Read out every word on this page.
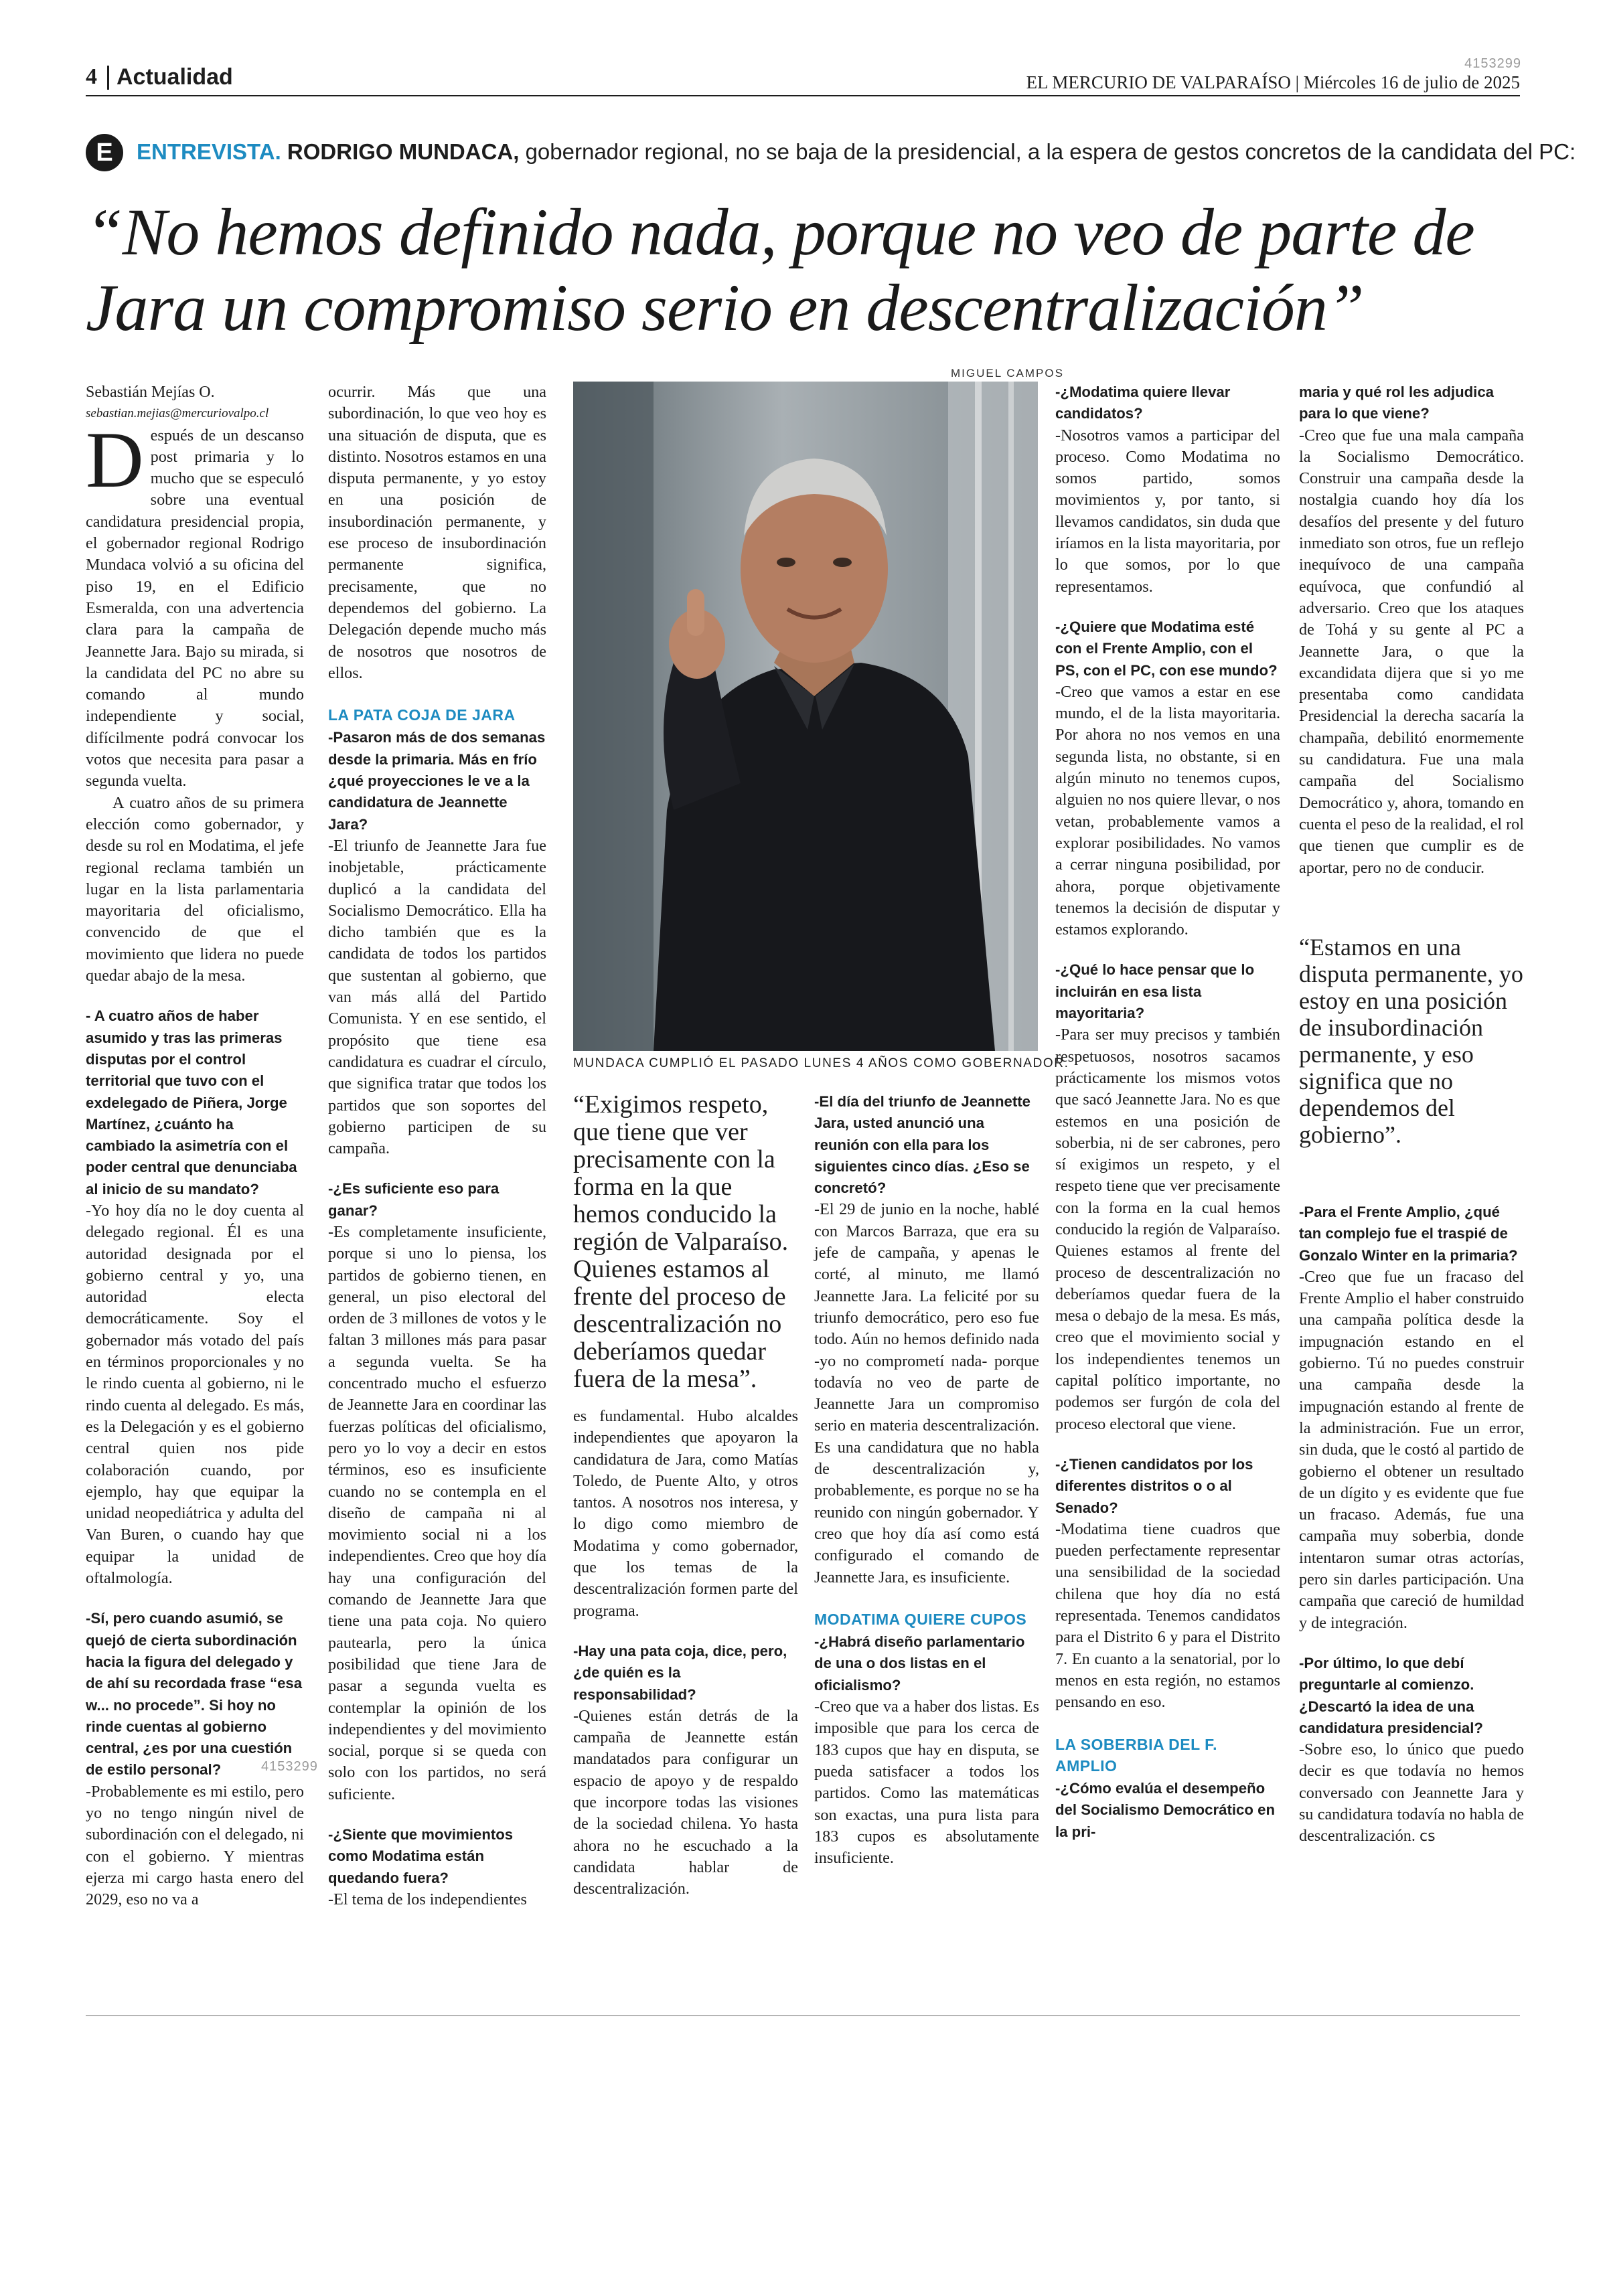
4 Actualidad
4153299
EL MERCURIO DE VALPARAÍSO | Miércoles 16 de julio de 2025
E	ENTREVISTA. RODRIGO MUNDACA, gobernador regional, no se baja de la presidencial, a la espera de gestos concretos de la candidata del PC:
“No hemos definido nada, porque no veo de parte de Jara un compromiso serio en descentralización”
MIGUEL CAMPOS
MUNDACA CUMPLIÓ EL PASADO LUNES 4 AÑOS COMO GOBERNADOR.

Sebastián Mejías O.

sebastian.mejias@mercuriovalpo.cl

Después de un descanso post primaria y lo mucho que se especuló sobre una eventual candidatura presidencial propia, el gobernador regional Rodrigo Mundaca volvió a su oficina del piso 19, en el Edificio Esmeralda, con una advertencia clara para la campaña de Jeannette Jara. Bajo su mirada, si la candidata del PC no abre su comando al mundo independiente y social, difícilmente podrá convocar los votos que necesita para pasar a segunda vuelta.

A cuatro años de su primera elección como gobernador, y desde su rol en Modatima, el jefe regional reclama también un lugar en la lista parlamentaria mayoritaria del oficialismo, convencido de que el movimiento que lidera no puede quedar abajo de la mesa.

- A cuatro años de haber asumido y tras las primeras disputas por el control territorial que tuvo con el exdelegado de Piñera, Jorge Martínez, ¿cuánto ha cambiado la asimetría con el poder central que denunciaba al inicio de su mandato?

-Yo hoy día no le doy cuenta al delegado regional. Él es una autoridad designada por el gobierno central y yo, una autoridad electa democráticamente. Soy el gobernador más votado del país en términos proporcionales y no le rindo cuenta al gobierno, ni le rindo cuenta al delegado. Es más, es la Delegación y es el gobierno central quien nos pide colaboración cuando, por ejemplo, hay que equipar la unidad neopediátrica y adulta del Van Buren, o cuando hay que equipar la unidad de oftalmología.

-Sí, pero cuando asumió, se quejó de cierta subordinación hacia la figura del delegado y de ahí su recordada frase “esa w... no procede”. Si hoy no rinde cuentas al gobierno central, ¿es por una cuestión de estilo personal?

-Probablemente es mi estilo, pero yo no tengo ningún nivel de subordinación con el delegado, ni con el gobierno. Y mientras ejerza mi cargo hasta enero del 2029, eso no va a

ocurrir. Más que una subordinación, lo que veo hoy es una situación de disputa, que es distinto. Nosotros estamos en una disputa permanente, y yo estoy en una posición de insubordinación permanente, y ese proceso de insubordinación permanente significa, precisamente, que no dependemos del gobierno. La Delegación depende mucho más de nosotros que nosotros de ellos.

LA PATA COJA DE JARA

-Pasaron más de dos semanas desde la primaria. Más en frío ¿qué proyecciones le ve a la candidatura de Jeannette Jara?

-El triunfo de Jeannette Jara fue inobjetable, prácticamente duplicó a la candidata del Socialismo Democrático. Ella ha dicho también que es la candidata de todos los partidos que sustentan al gobierno, que van más allá del Partido Comunista. Y en ese sentido, el propósito que tiene esa candidatura es cuadrar el círculo, que significa tratar que todos los partidos que son soportes del gobierno participen de su campaña.

-¿Es suficiente eso para ganar?

-Es completamente insuficiente, porque si uno lo piensa, los partidos de gobierno tienen, en general, un piso electoral del orden de 3 millones de votos y le faltan 3 millones más para pasar a segunda vuelta. Se ha concentrado mucho el esfuerzo de Jeannette Jara en coordinar las fuerzas políticas del oficialismo, pero yo lo voy a decir en estos términos, eso es insuficiente cuando no se contempla en el diseño de campaña ni al movimiento social ni a los independientes. Creo que hoy día hay una configuración del comando de Jeannette Jara que tiene una pata coja. No quiero pautearla, pero la única posibilidad que tiene Jara de pasar a segunda vuelta es contemplar la opinión de los independientes y del movimiento social, porque si se queda con solo con los partidos, no será suficiente.

-¿Siente que movimientos como Modatima están quedando fuera?

-El tema de los independientes

“Exigimos respeto, que tiene que ver precisamente con la forma en la que hemos conducido la región de Valparaíso. Quienes estamos al frente del proceso de descentralización no deberíamos quedar fuera de la mesa”.

es fundamental. Hubo alcaldes independientes que apoyaron la candidatura de Jara, como Matías Toledo, de Puente Alto, y otros tantos. A nosotros nos interesa, y lo digo como miembro de Modatima y como gobernador, que los temas de la descentralización formen parte del programa.

-Hay una pata coja, dice, pero, ¿de quién es la responsabilidad?

-Quienes están detrás de la campaña de Jeannette están mandatados para configurar un espacio de apoyo y de respaldo que incorpore todas las visiones de la sociedad chilena. Yo hasta ahora no he escuchado a la candidata hablar de descentralización.

-El día del triunfo de Jeannette Jara, usted anunció una reunión con ella para los siguientes cinco días. ¿Eso se concretó?

-El 29 de junio en la noche, hablé con Marcos Barraza, que era su jefe de campaña, y apenas le corté, al minuto, me llamó Jeannette Jara. La felicité por su triunfo democrático, pero eso fue todo. Aún no hemos definido nada -yo no comprometí nada- porque todavía no veo de parte de Jeannette Jara un compromiso serio en materia descentralización. Es una candidatura que no habla de descentralización y, probablemente, es porque no se ha reunido con ningún gobernador. Y creo que hoy día así como está configurado el comando de Jeannette Jara, es insuficiente.

MODATIMA QUIERE CUPOS

-¿Habrá diseño parlamentario de una o dos listas en el oficialismo?

-Creo que va a haber dos listas. Es imposible que para los cerca de 183 cupos que hay en disputa, se pueda satisfacer a todos los partidos. Como las matemáticas son exactas, una pura lista para 183 cupos es absolutamente insuficiente.

-¿Modatima quiere llevar candidatos?

-Nosotros vamos a participar del proceso. Como Modatima no somos partido, somos movimientos y, por tanto, si llevamos candidatos, sin duda que iríamos en la lista mayoritaria, por lo que somos, por lo que representamos.

-¿Quiere que Modatima esté con el Frente Amplio, con el PS, con el PC, con ese mundo?

-Creo que vamos a estar en ese mundo, el de la lista mayoritaria. Por ahora no nos vemos en una segunda lista, no obstante, si en algún minuto no tenemos cupos, alguien no nos quiere llevar, o nos vetan, probablemente vamos a explorar posibilidades. No vamos a cerrar ninguna posibilidad, por ahora, porque objetivamente tenemos la decisión de disputar y estamos explorando.

-¿Qué lo hace pensar que lo incluirán en esa lista mayoritaria?

-Para ser muy precisos y también respetuosos, nosotros sacamos prácticamente los mismos votos que sacó Jeannette Jara. No es que estemos en una posición de soberbia, ni de ser cabrones, pero sí exigimos un respeto, y el respeto tiene que ver precisamente con la forma en la cual hemos conducido la región de Valparaíso. Quienes estamos al frente del proceso de descentralización no deberíamos quedar fuera de la mesa o debajo de la mesa. Es más, creo que el movimiento social y los independientes tenemos un capital político importante, no podemos ser furgón de cola del proceso electoral que viene.

-¿Tienen candidatos por los diferentes distritos o o al Senado?

-Modatima tiene cuadros que pueden perfectamente representar una sensibilidad de la sociedad chilena que hoy día no está representada. Tenemos candidatos para el Distrito 6 y para el Distrito 7. En cuanto a la senatorial, por lo menos en esta región, no estamos pensando en eso.

LA SOBERBIA DEL F. AMPLIO

-¿Cómo evalúa el desempeño del Socialismo Democrático en la pri-

maria y qué rol les adjudica para lo que viene?

-Creo que fue una mala campaña la Socialismo Democrático. Construir una campaña desde la nostalgia cuando hoy día los desafíos del presente y del futuro inmediato son otros, fue un reflejo inequívoco de una campaña equívoca, que confundió al adversario. Creo que los ataques de Tohá y su gente al PC a Jeannette Jara, o que la excandidata dijera que si yo me presentaba como candidata Presidencial la derecha sacaría la champaña, debilitó enormemente su candidatura. Fue una mala campaña del Socialismo Democrático y, ahora, tomando en cuenta el peso de la realidad, el rol que tienen que cumplir es de aportar, pero no de conducir.

“Estamos en una disputa permanente, yo estoy en una posición de insubordinación permanente, y eso significa que no dependemos del gobierno”.

-Para el Frente Amplio, ¿qué tan complejo fue el traspié de Gonzalo Winter en la primaria?

-Creo que fue un fracaso del Frente Amplio el haber construido una campaña política desde la impugnación estando en el gobierno. Tú no puedes construir una campaña desde la impugnación estando al frente de la administración. Fue un error, sin duda, que le costó al partido de gobierno el obtener un resultado de un dígito y es evidente que fue un fracaso. Además, fue una campaña muy soberbia, donde intentaron sumar otras actorías, pero sin darles participación. Una campaña que careció de humildad y de integración.

-Por último, lo que debí preguntarle al comienzo. ¿Descartó la idea de una candidatura presidencial?

-Sobre eso, lo único que puedo decir es que todavía no hemos conversado con Jeannette Jara y su candidatura todavía no habla de descentralización. cs

4153299
